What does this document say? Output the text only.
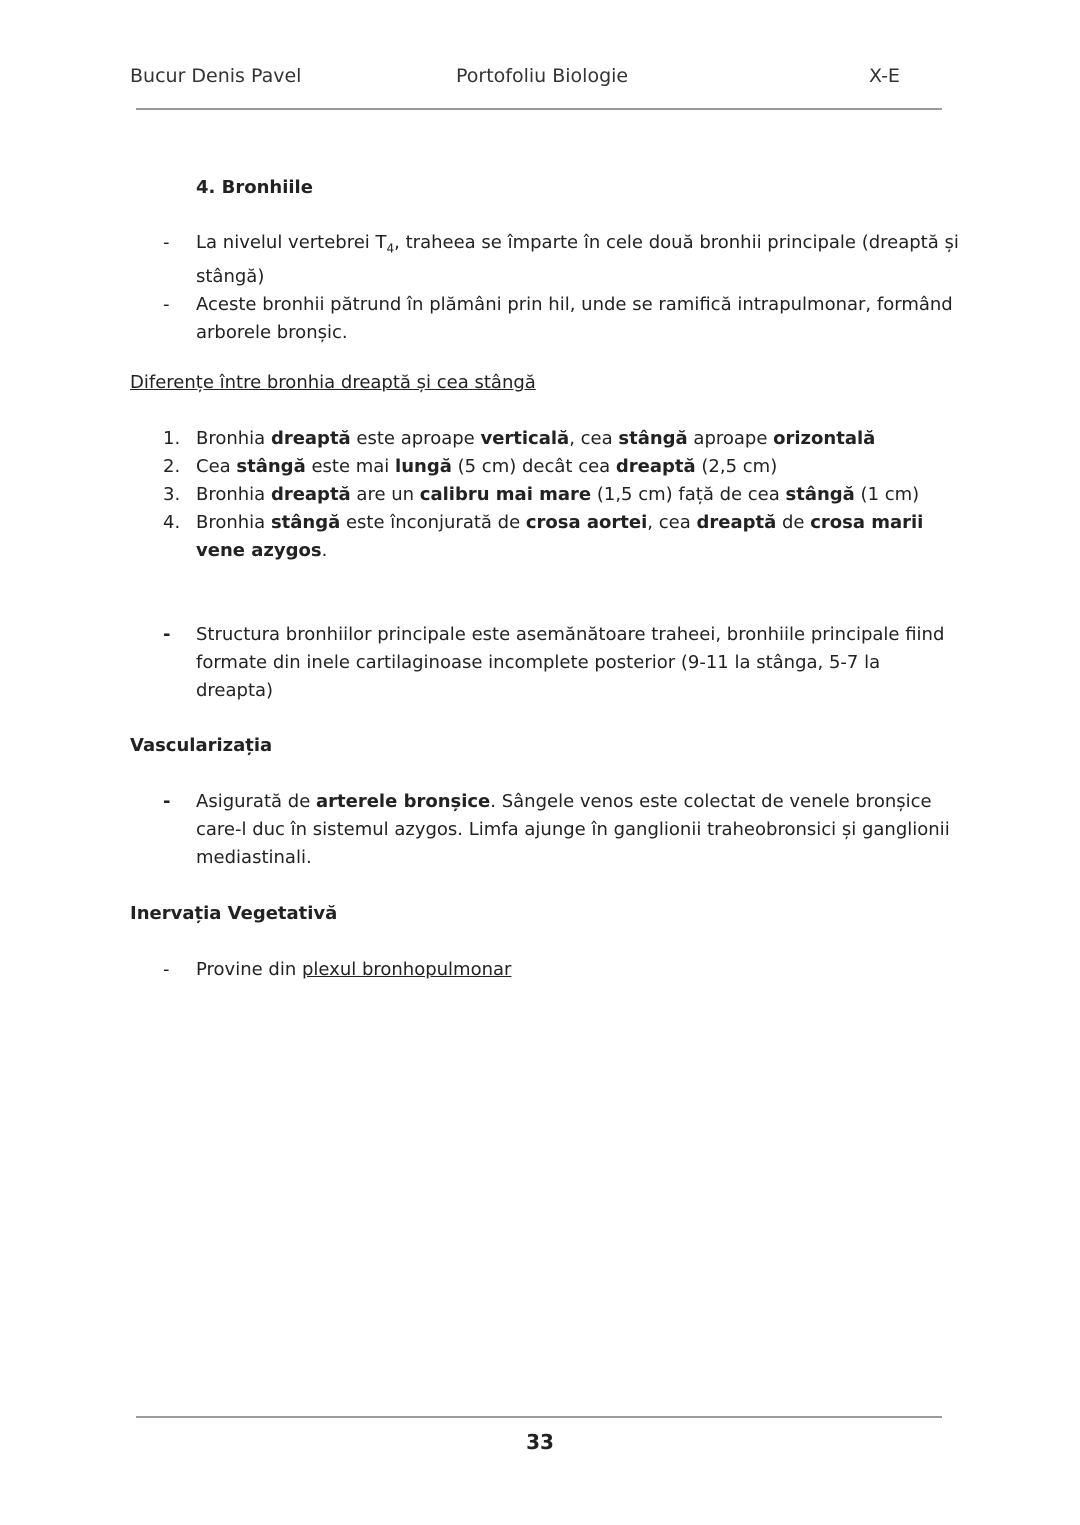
Bucur Denis Pavel	Portofoliu Biologie	X-E
4. Bronhiile
- La nivelul vertebrei $T_4$, traheea se împarte în cele două bronhii principale (dreaptă și stângă)
- Aceste bronhii pătrund în plămâni prin hil, unde se ramifică intrapulmonar, formând arborele bronșic.
Diferențe între bronhia dreaptă și cea stângă
1. Bronhia dreaptă este aproape verticală, cea stângă aproape orizontală
2. Cea stângă este mai lungă (5 cm) decât cea dreaptă (2,5 cm)
3. Bronhia dreaptă are un calibru mai mare (1,5 cm) față de cea stângă (1 cm)
4. Bronhia stângă este înconjurată de crosa aortei, cea dreaptă de crosa marii vene azygos.
- Structura bronhiilor principale este asemănătoare traheei, bronhiile principale fiind formate din inele cartilaginoase incomplete posterior (9-11 la stânga, 5-7 la dreapta)
Vascularizația
- Asigurată de arterele bronșice. Sângele venos este colectat de venele bronșice care-l duc în sistemul azygos. Limfa ajunge în ganglionii traheobronsici și ganglionii mediastinali.
Inervația Vegetativă
- Provine din plexul bronhopulmonar
33
